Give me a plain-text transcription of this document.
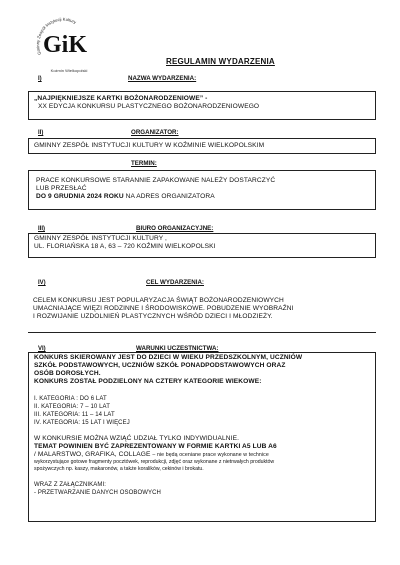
Gminny Zespół Instytucji Kultury
GiK
Koźmin Wielkopolski
REGULAMIN WYDARZENIA
I)	NAZWA WYDARZENIA:
„NAJPIĘKNIEJSZE KARTKI BOŻONARODZENIOWE” -
XX EDYCJA KONKURSU PLASTYCZNEGO BOŻONARODZENIOWEGO
II)	ORGANIZATOR:
GMINNY ZESPÓŁ INSTYTUCJI KULTURY W KOŹMINIE WIELKOPOLSKIM
TERMIN:
PRACE KONKURSOWE STARANNIE ZAPAKOWANE NALEŻY DOSTARCZYĆ
LUB PRZESŁAĆ
DO 9 GRUDNIA 2024 ROKU NA ADRES ORGANIZATORA
III)	BIURO ORGANIZACYJNE:
GMINNY ZESPÓŁ INSTYTUCJI KULTURY ,
UL. FLORIAŃSKA 18 A, 63 – 720 KOŹMIN WIELKOPOLSKI
IV)	CEL WYDARZENIA:
CELEM KONKURSU JEST POPULARYZACJA ŚWIĄT BOŻONARODZENIOWYCH
UMACNIAJĄCE WIĘZI RODZINNE I ŚRODOWISKOWE. POBUDZENIE WYOBRAŹNI
I ROZWIJANIE UZDOLNIEŃ PLASTYCZNYCH WŚRÓD DZIECI I MŁODZIEŻY.
VI)	WARUNKI UCZESTNICTWA:
KONKURS SKIEROWANY JEST DO DZIECI W WIEKU PRZEDSZKOLNYM, UCZNIÓW
SZKÓŁ PODSTAWOWYCH, UCZNIÓW SZKÓŁ PONADPODSTAWOWYCH ORAZ
OSÓB DOROSŁYCH.
KONKURS ZOSTAŁ PODZIELONY NA CZTERY KATEGORIE WIEKOWE:
I. KATEGORIA : DO 6 LAT
II. KATEGORIA: 7 – 10 LAT
III. KATEGORIA: 11 – 14 LAT
IV. KATEGORIA: 15 LAT I WIĘCEJ
W KONKURSIE MOŻNA WZIĄĆ UDZIAŁ TYLKO INDYWIDUALNIE.
TEMAT POWINIEN BYĆ ZAPREZENTOWANY W FORMIE KARTKI A5 LUB A6
/ MALARSTWO, GRAFIKA, COLLAGE – nie będą oceniane prace wykonane w technice
wykorzystujące gotowe fragmenty pocztówek, reprodukcji, zdjęć oraz wykonane z nietrwałych produktów
spożywczych np. kaszy, makaronów, a także koralików, cekinów i brokatu.
WRAZ Z ZAŁĄCZNIKAMI:
- PRZETWARZANIE DANYCH OSOBOWYCH
